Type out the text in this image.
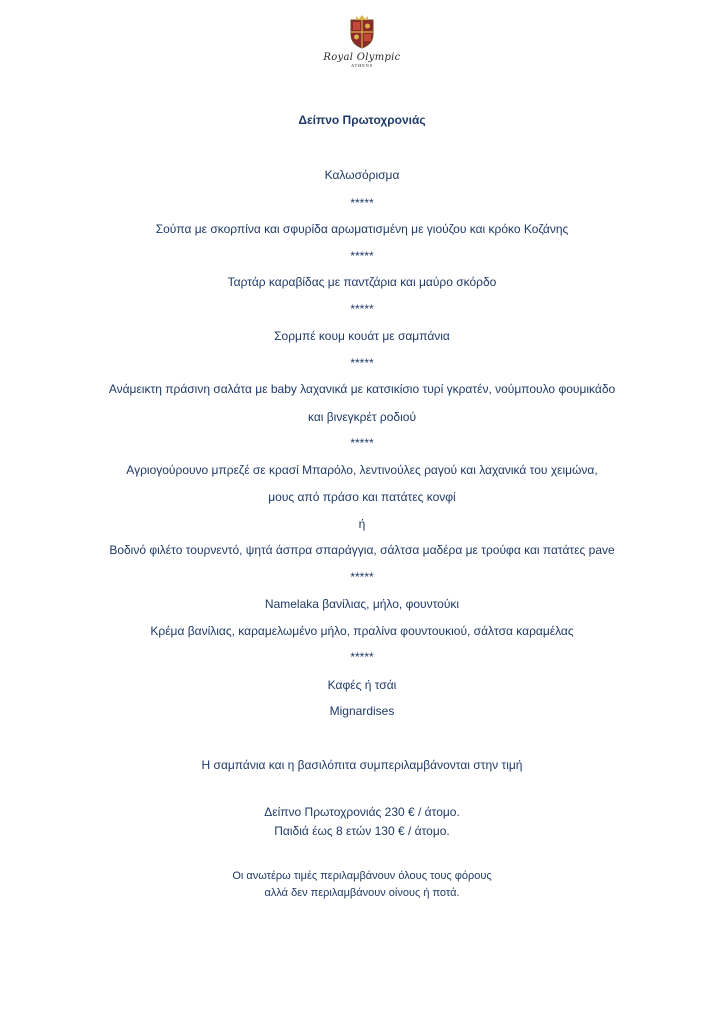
Royal Olympic
ATHENS
Δείπνο Πρωτοχρονιάς
Καλωσόρισμα
*****
Σούπα με σκορπίνα και σφυρίδα αρωματισμένη με γιούζου και κρόκο Κοζάνης
*****
Ταρτάρ καραβίδας με παντζάρια και μαύρο σκόρδο
*****
Σορμπέ κουμ κουάτ με σαμπάνια
*****
Ανάμεικτη πράσινη σαλάτα με baby λαχανικά με κατσικίσιο τυρί γκρατέν, νούμπουλο φουμικάδο
και βινεγκρέτ ροδιού
*****
Αγριογούρουνο μπρεζέ σε κρασί Μπαρόλο, λεντινούλες ραγού και λαχανικά του χειμώνα,
μους από πράσο και πατάτες κονφί
ή
Βοδινό φιλέτο τουρνεντό, ψητά άσπρα σπαράγγια, σάλτσα μαδέρα με τρούφα και πατάτες pave
*****
Namelaka βανίλιας, μήλο, φουντούκι
Κρέμα βανίλιας, καραμελωμένο μήλο, πραλίνα φουντουκιού, σάλτσα καραμέλας
*****
Καφές ή τσάι
Mignardises
Η σαμπάνια και η βασιλόπιτα συμπεριλαμβάνονται στην τιμή
Δείπνο Πρωτοχρονιάς 230 € / άτομο.
Παιδιά έως 8 ετών 130 € / άτομο.
Οι ανωτέρω τιμές περιλαμβάνουν όλους τους φόρους
αλλά δεν περιλαμβάνουν οίνους ή ποτά.
